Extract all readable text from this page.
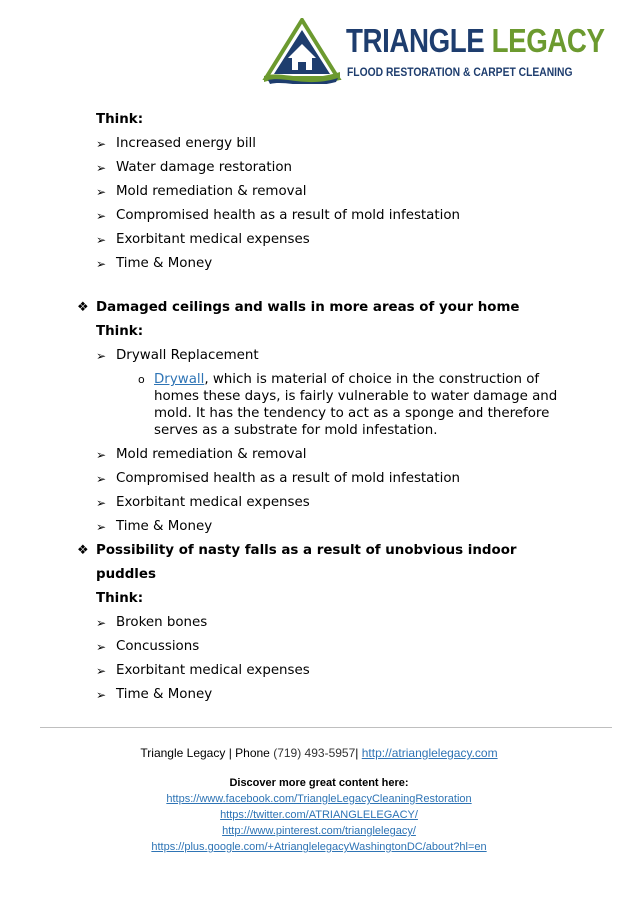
TRIANGLE LEGACY
FLOOD RESTORATION & CARPET CLEANING
Think:
➢ Increased energy bill
➢ Water damage restoration
➢ Mold remediation & removal
➢ Compromised health as a result of mold infestation
➢ Exorbitant medical expenses
➢ Time & Money
❖ Damaged ceilings and walls in more areas of your home
Think:
➢ Drywall Replacement
o Drywall, which is material of choice in the construction of
homes these days, is fairly vulnerable to water damage and
mold. It has the tendency to act as a sponge and therefore
serves as a substrate for mold infestation.
➢ Mold remediation & removal
➢ Compromised health as a result of mold infestation
➢ Exorbitant medical expenses
➢ Time & Money
❖ Possibility of nasty falls as a result of unobvious indoor puddles
Think:
➢ Broken bones
➢ Concussions
➢ Exorbitant medical expenses
➢ Time & Money
Triangle Legacy | Phone (719) 493-5957| http://atrianglelegacy.com
Discover more great content here:
https://www.facebook.com/TriangleLegacyCleaningRestoration
https://twitter.com/ATRIANGLELEGACY/
http://www.pinterest.com/trianglelegacy/
https://plus.google.com/+AtrianglelegacyWashingtonDC/about?hl=en
